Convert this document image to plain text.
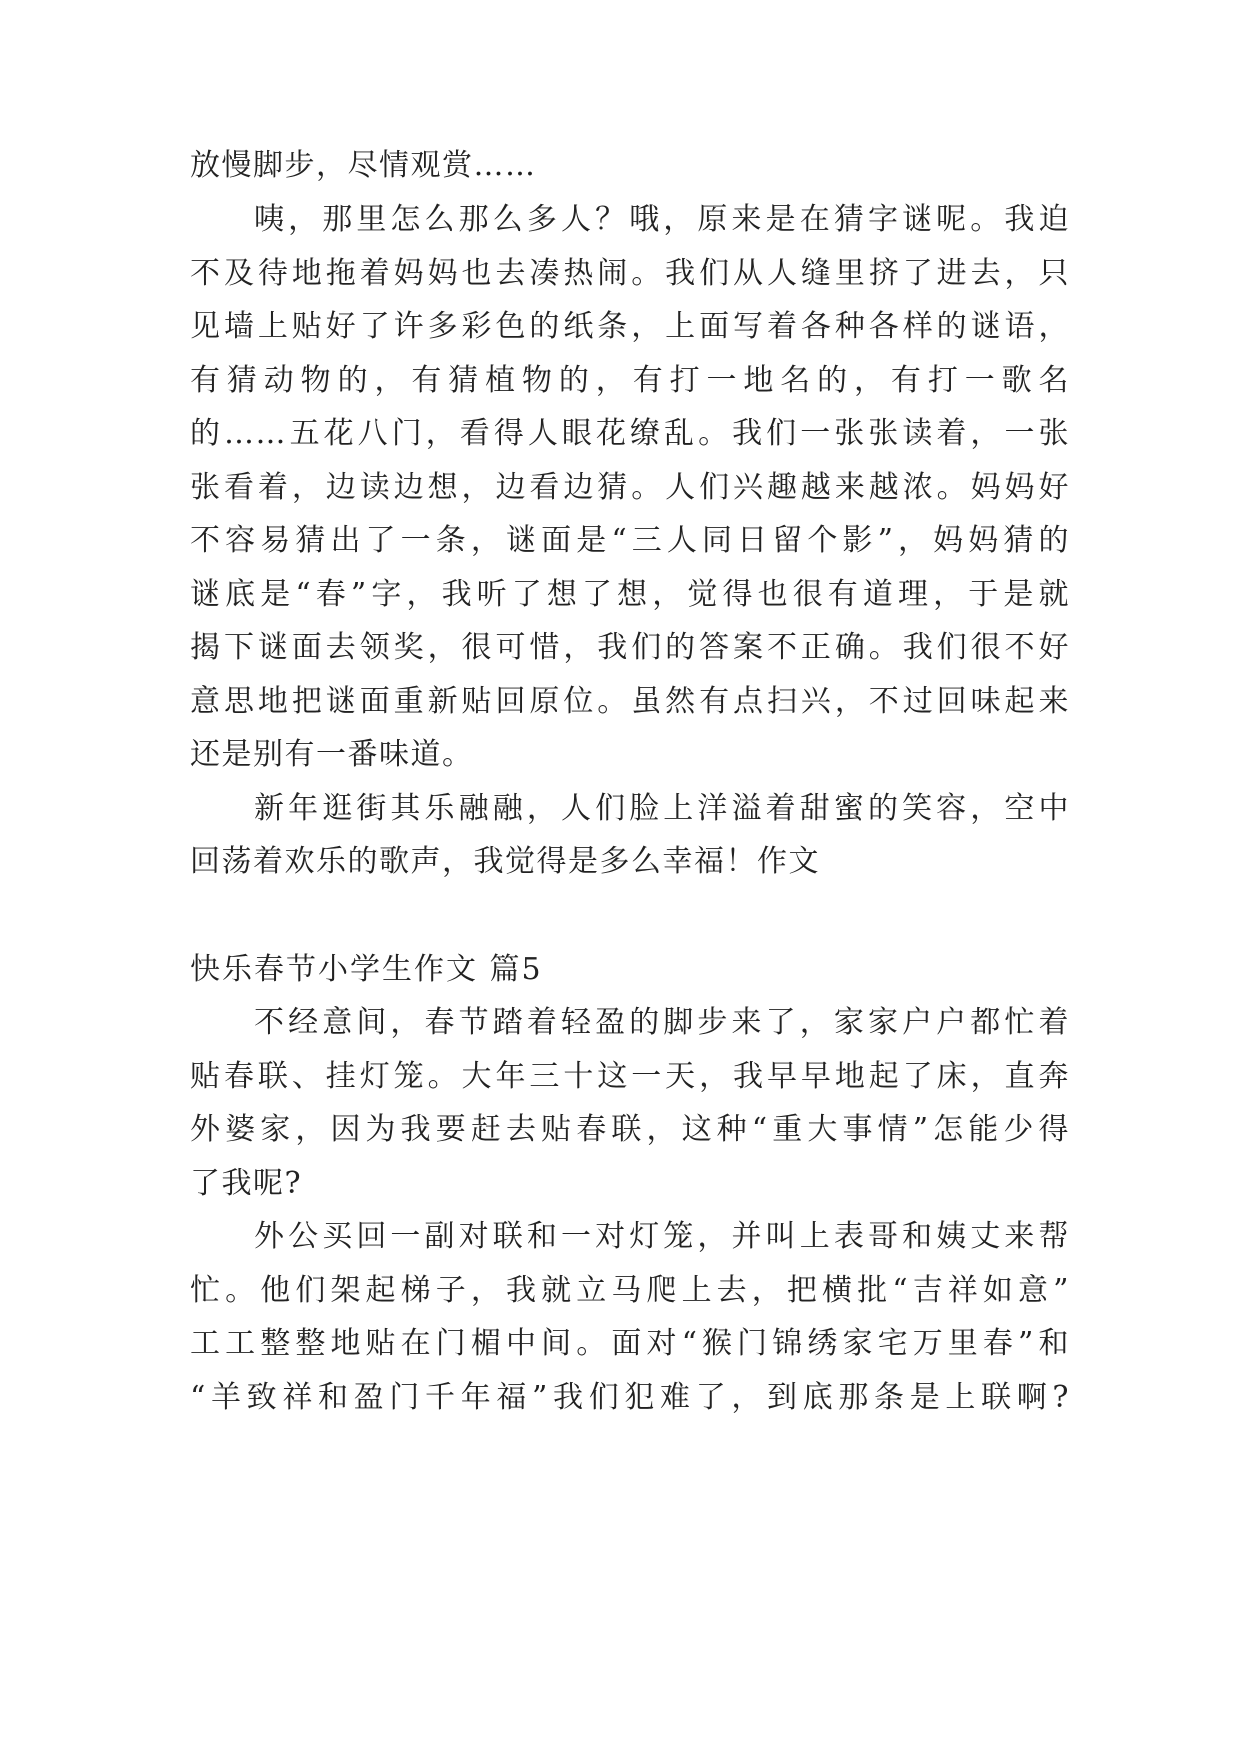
放慢脚步，尽情观赏……
咦，那里怎么那么多人？哦，原来是在猜字谜呢。我迫
不及待地拖着妈妈也去凑热闹。我们从人缝里挤了进去，只
见墙上贴好了许多彩色的纸条，上面写着各种各样的谜语，
有猜动物的，有猜植物的，有打一地名的，有打一歌名
的……五花八门，看得人眼花缭乱。我们一张张读着，一张
张看着，边读边想，边看边猜。人们兴趣越来越浓。妈妈好
不容易猜出了一条，谜面是“三人同日留个影”，妈妈猜的
谜底是“春”字，我听了想了想，觉得也很有道理，于是就
揭下谜面去领奖，很可惜，我们的答案不正确。我们很不好
意思地把谜面重新贴回原位。虽然有点扫兴，不过回味起来
还是别有一番味道。
新年逛街其乐融融，人们脸上洋溢着甜蜜的笑容，空中
回荡着欢乐的歌声，我觉得是多么幸福！作文
快乐春节小学生作文 篇5
不经意间，春节踏着轻盈的脚步来了，家家户户都忙着
贴春联、挂灯笼。大年三十这一天，我早早地起了床，直奔
外婆家，因为我要赶去贴春联，这种“重大事情”怎能少得
了我呢?
外公买回一副对联和一对灯笼，并叫上表哥和姨丈来帮
忙。他们架起梯子，我就立马爬上去，把横批“吉祥如意”
工工整整地贴在门楣中间。面对“猴门锦绣家宅万里春”和
“羊致祥和盈门千年福”我们犯难了，到底那条是上联啊?
